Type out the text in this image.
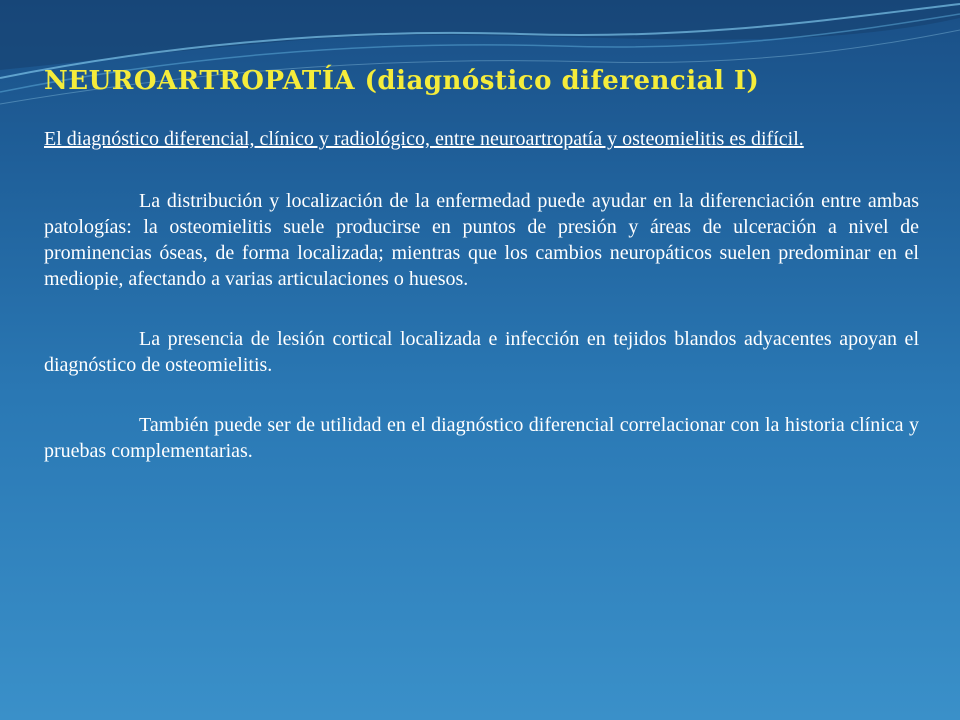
NEUROARTROPATÍA (diagnóstico diferencial I)

El diagnóstico diferencial, clínico y radiológico, entre neuroartropatía y osteomielitis es difícil.

La distribución y localización de la enfermedad puede ayudar en la diferenciación entre ambas patologías: la osteomielitis suele producirse en puntos de presión y áreas de ulceración a nivel de prominencias óseas, de forma localizada; mientras que los cambios neuropáticos suelen predominar en el mediopie, afectando a varias articulaciones o huesos.

La presencia de lesión cortical localizada e infección en tejidos blandos adyacentes apoyan el diagnóstico de osteomielitis.

También puede ser de utilidad en el diagnóstico diferencial correlacionar con la historia clínica y pruebas complementarias.
